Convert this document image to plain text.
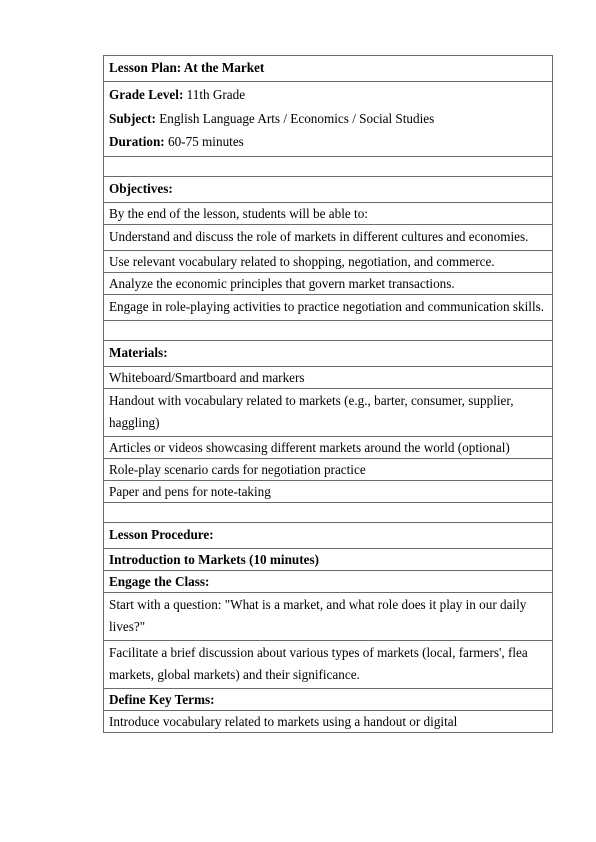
Lesson Plan: At the Market

Grade Level: 11th Grade
Subject: English Language Arts / Economics / Social Studies
Duration: 60-75 minutes

Objectives:
By the end of the lesson, students will be able to:
Understand and discuss the role of markets in different cultures and economies.
Use relevant vocabulary related to shopping, negotiation, and commerce.
Analyze the economic principles that govern market transactions.
Engage in role-playing activities to practice negotiation and communication skills.

Materials:
Whiteboard/Smartboard and markers
Handout with vocabulary related to markets (e.g., barter, consumer, supplier, haggling)
Articles or videos showcasing different markets around the world (optional)
Role-play scenario cards for negotiation practice
Paper and pens for note-taking

Lesson Procedure:
Introduction to Markets (10 minutes)
Engage the Class:
Start with a question: "What is a market, and what role does it play in our daily lives?"
Facilitate a brief discussion about various types of markets (local, farmers', flea markets, global markets) and their significance.
Define Key Terms:
Introduce vocabulary related to markets using a handout or digital
